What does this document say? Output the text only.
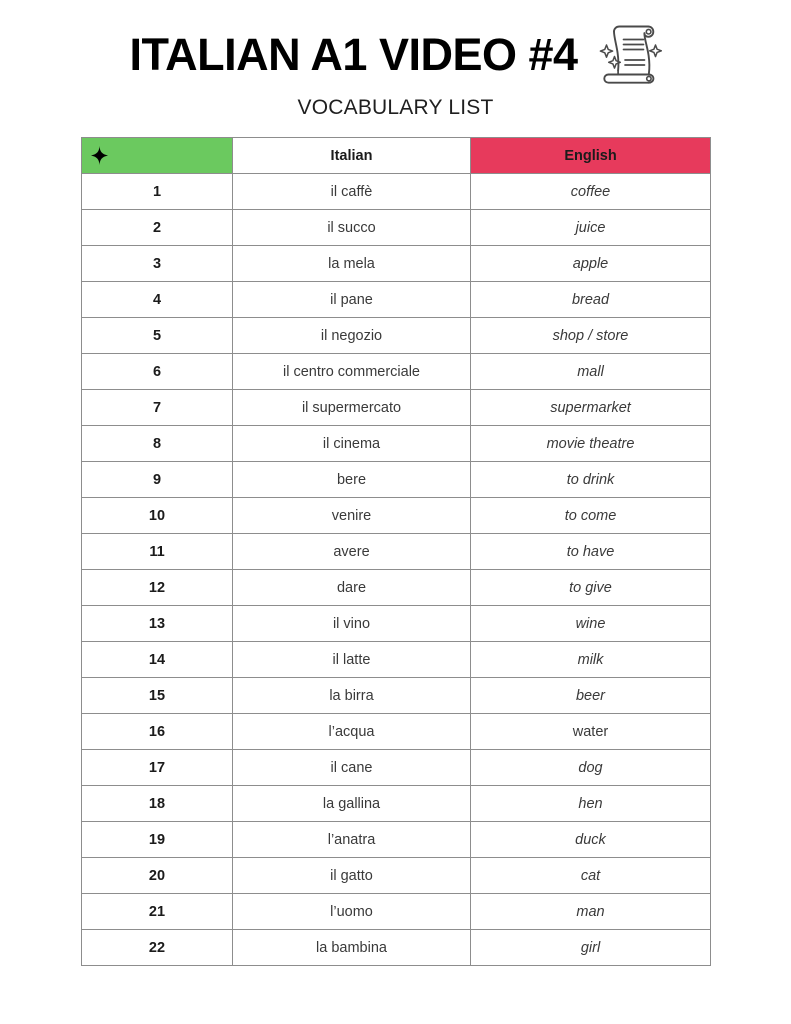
ITALIAN A1 VIDEO #4
VOCABULARY LIST
	Italian	English
1	il caffè	coffee
2	il succo	juice
3	la mela	apple
4	il pane	bread
5	il negozio	shop / store
6	il centro commerciale	mall
7	il supermercato	supermarket
8	il cinema	movie theatre
9	bere	to drink
10	venire	to come
11	avere	to have
12	dare	to give
13	il vino	wine
14	il latte	milk
15	la birra	beer
16	l’acqua	water
17	il cane	dog
18	la gallina	hen
19	l’anatra	duck
20	il gatto	cat
21	l’uomo	man
22	la bambina	girl
